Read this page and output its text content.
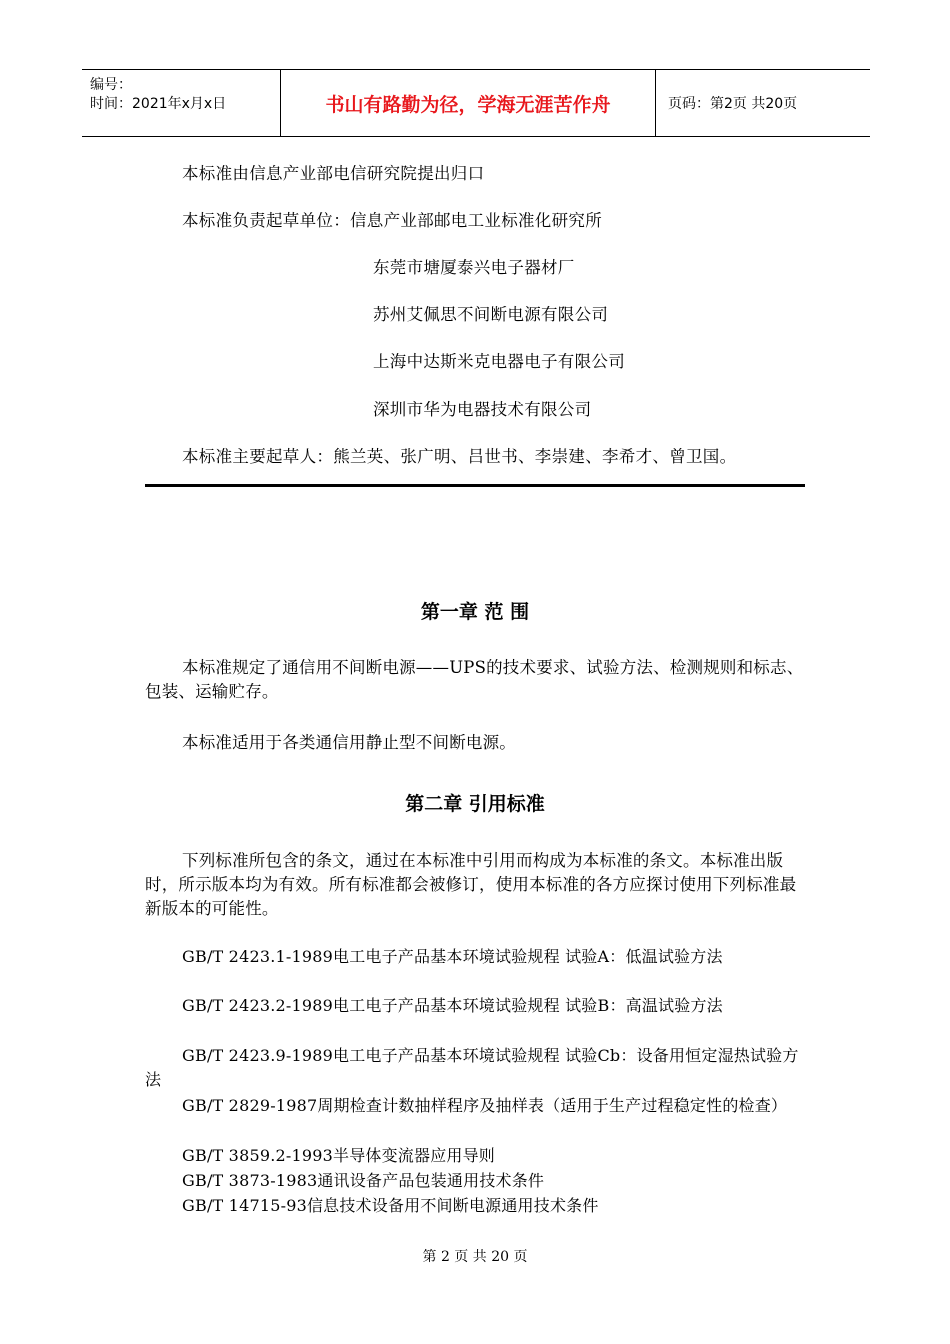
编号：
时间：2021年x月x日	书山有路勤为径，学海无涯苦作舟	页码：第2页 共20页
本标准由信息产业部电信研究院提出归口
本标准负责起草单位：信息产业部邮电工业标准化研究所
东莞市塘厦泰兴电子器材厂
苏州艾佩思不间断电源有限公司
上海中达斯米克电器电子有限公司
深圳市华为电器技术有限公司
本标准主要起草人：熊兰英、张广明、吕世书、李崇建、李希才、曾卫国。
第一章 范 围
本标准规定了通信用不间断电源——UPS的技术要求、试验方法、检测规则和标志、包装、运输贮存。
本标准适用于各类通信用静止型不间断电源。
第二章 引用标准
下列标准所包含的条文，通过在本标准中引用而构成为本标准的条文。本标准出版时，所示版本均为有效。所有标准都会被修订，使用本标准的各方应探讨使用下列标准最新版本的可能性。
GB/T 2423.1-1989电工电子产品基本环境试验规程 试验A：低温试验方法
GB/T 2423.2-1989电工电子产品基本环境试验规程 试验B：高温试验方法
GB/T 2423.9-1989电工电子产品基本环境试验规程 试验Cb：设备用恒定湿热试验方法
GB/T 2829-1987周期检查计数抽样程序及抽样表（适用于生产过程稳定性的检查）
GB/T 3859.2-1993半导体变流器应用导则
GB/T 3873-1983通讯设备产品包装通用技术条件
GB/T 14715-93信息技术设备用不间断电源通用技术条件
第 2 页 共 20 页
